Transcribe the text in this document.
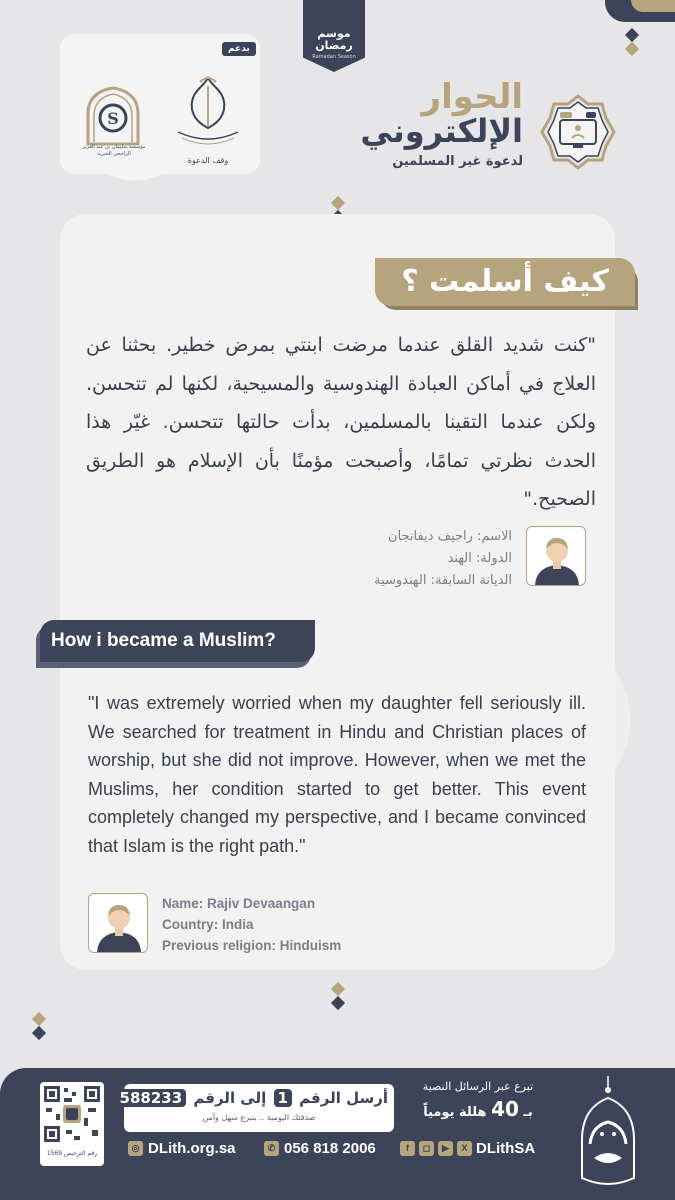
موسم رمضان
Ramadan Season
بدعم
S
مؤسسة سليمان بن عبد العزيز الراجحي الخيرية
وقف الدعوة
الحوار
الإلكتروني
لدعوة غير المسلمين
كيف أسلمت ؟
"كنت شديد القلق عندما مرضت ابنتي بمرض خطير. بحثنا عن العلاج في أماكن العبادة الهندوسية والمسيحية، لكنها لم تتحسن. ولكن عندما التقينا بالمسلمين، بدأت حالتها تتحسن. غيّر هذا الحدث نظرتي تمامًا، وأصبحت مؤمنًا بأن الإسلام هو الطريق الصحيح."
الاسم: راجيف ديفانجان
الدولة: الهند
الديانة السابقة: الهندوسية
How i became a Muslim?
"I was extremely worried when my daughter fell seriously ill. We searched for treatment in Hindu and Christian places of worship, but she did not improve. However, when we met the Muslims, her condition started to get better. This event completely changed my perspective, and I became convinced that Islam is the right path."
Name: Rajiv Devaangan
Country: India
Previous religion: Hinduism
1569 رقم الترخيص
أرسل الرقم 1 إلى الرقم 588233
صدقتك اليومية .. بتبرع سهل وآمن
تبرع عبر الرسائل النصية
بـ 40 هللة يومياً
◎ DLith.org.sa	✆ 056 818 2006	f	◻	▶	X DLithSA
